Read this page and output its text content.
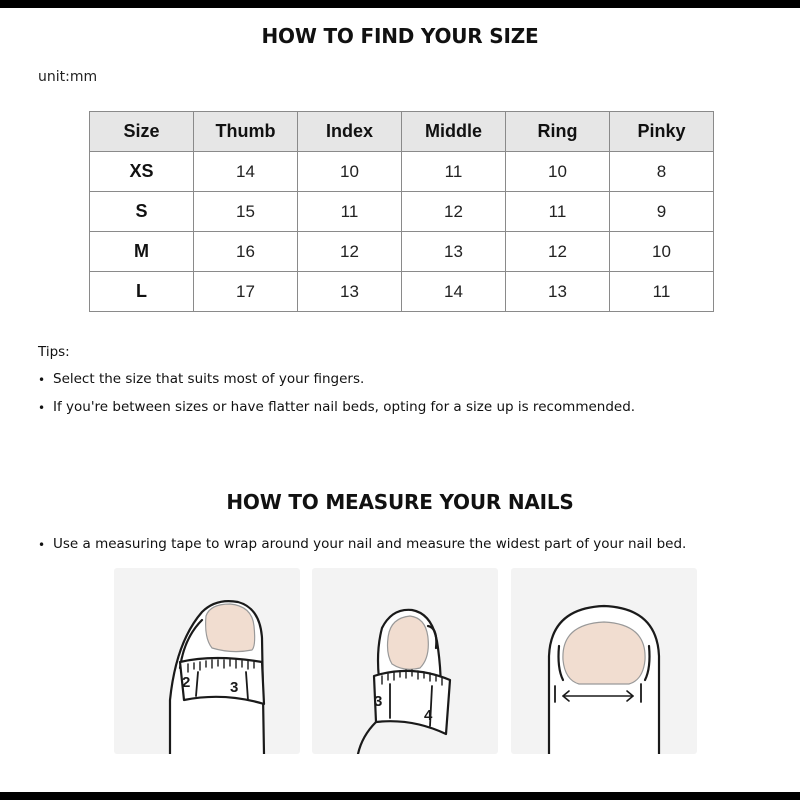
HOW TO FIND YOUR SIZE
unit:mm
Size	Thumb	Index	Middle	Ring	Pinky
XS	14	10	11	10	8
S	15	11	12	11	9
M	16	12	13	12	10
L	17	13	14	13	11
Tips:
• Select the size that suits most of your fingers.
• If you're between sizes or have flatter nail beds, opting for a size up is recommended.
HOW TO MEASURE YOUR NAILS
• Use a measuring tape to wrap around your nail and measure the widest part of your nail bed.
2	3
3
4
